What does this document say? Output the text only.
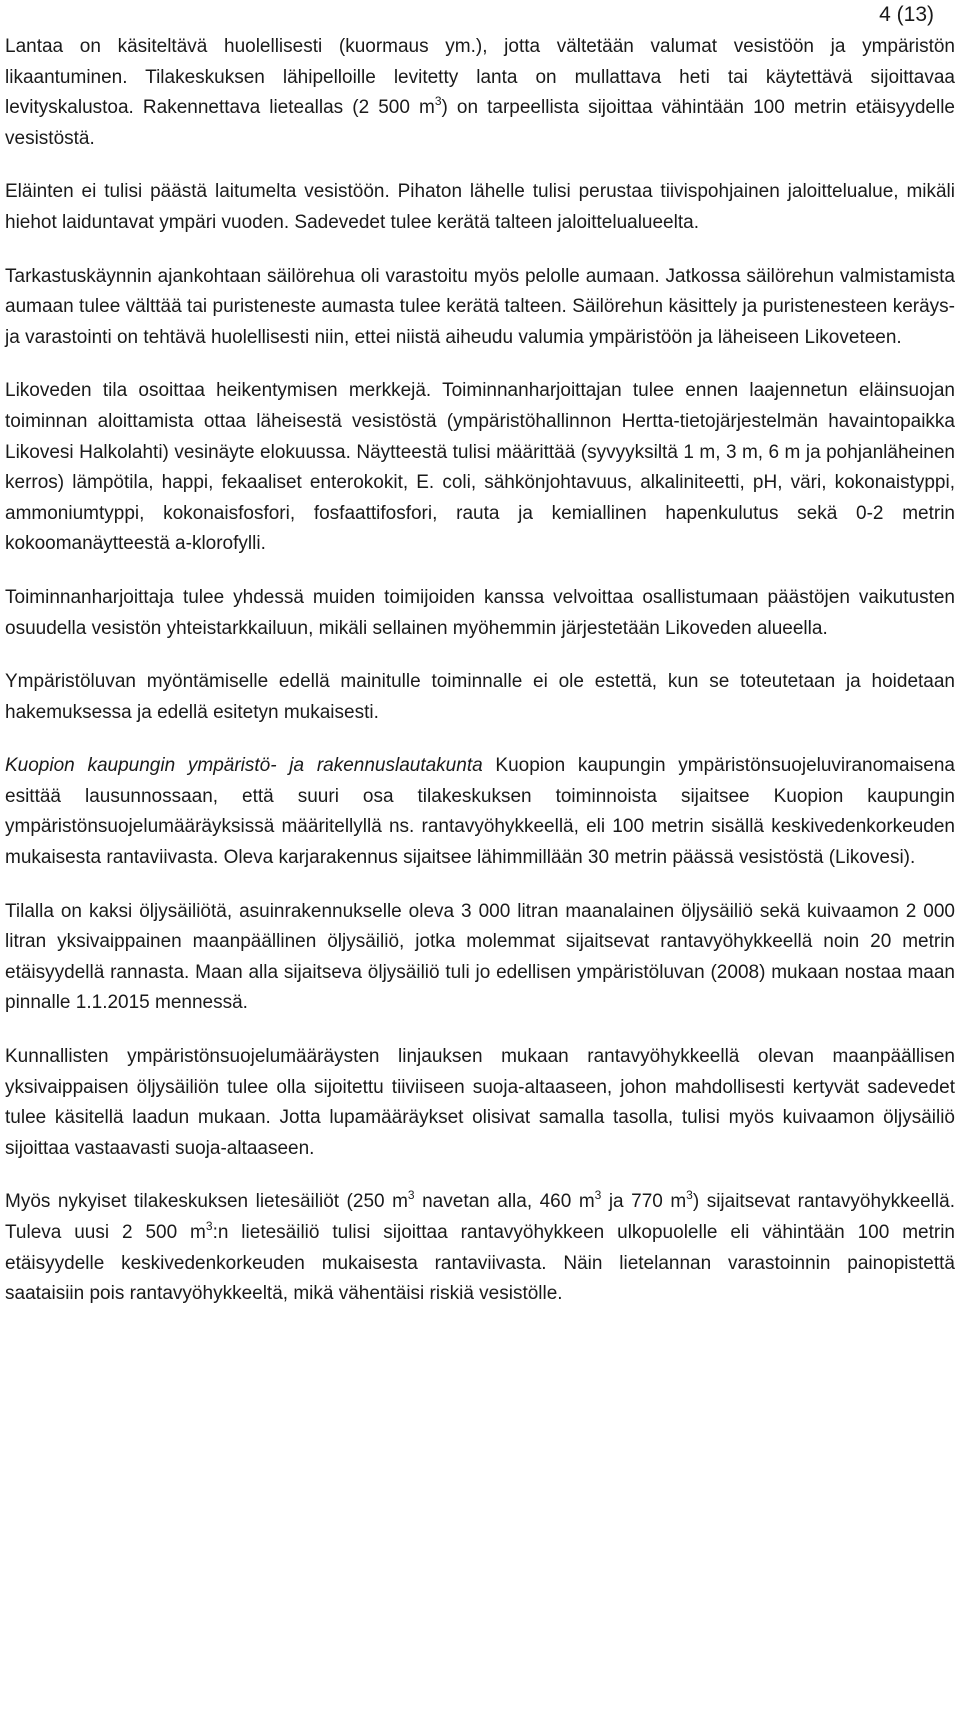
4 (13)

Lantaa on käsiteltävä huolellisesti (kuormaus ym.), jotta vältetään valumat vesistöön ja ympäristön likaantuminen. Tilakeskuksen lähipelloille levitetty lanta on mullattava heti tai käytettävä sijoittavaa levityskalustoa. Rakennettava lieteallas (2 500 $m^3$) on tarpeellista sijoittaa vähintään 100 metrin etäisyydelle vesistöstä.

Eläinten ei tulisi päästä laitumelta vesistöön. Pihaton lähelle tulisi perustaa tiivispohjainen jaloittelualue, mikäli hiehot laiduntavat ympäri vuoden. Sadevedet tulee kerätä talteen jaloittelualueelta.

Tarkastuskäynnin ajankohtaan säilörehua oli varastoitu myös pelolle aumaan. Jatkossa säilörehun valmistamista aumaan tulee välttää tai puristeneste aumasta tulee kerätä talteen. Säilörehun käsittely ja puristenesteen keräys- ja varastointi on tehtävä huolellisesti niin, ettei niistä aiheudu valumia ympäristöön ja läheiseen Likoveteen.

Likoveden tila osoittaa heikentymisen merkkejä. Toiminnanharjoittajan tulee ennen laajennetun eläinsuojan toiminnan aloittamista ottaa läheisestä vesistöstä (ympäristöhallinnon Hertta-tietojärjestelmän havaintopaikka Likovesi Halkolahti) vesinäyte elokuussa. Näytteestä tulisi määrittää (syvyyksiltä 1 m, 3 m, 6 m ja pohjanläheinen kerros) lämpötila, happi, fekaaliset enterokokit, E. coli, sähkönjohtavuus, alkaliniteetti, pH, väri, kokonaistyppi, ammoniumtyppi, kokonaisfosfori, fosfaattifosfori, rauta ja kemiallinen hapenkulutus sekä 0-2 metrin kokoomanäytteestä a-klorofylli.

Toiminnanharjoittaja tulee yhdessä muiden toimijoiden kanssa velvoittaa osallistumaan päästöjen vaikutusten osuudella vesistön yhteistarkkailuun, mikäli sellainen myöhemmin järjestetään Likoveden alueella.

Ympäristöluvan myöntämiselle edellä mainitulle toiminnalle ei ole estettä, kun se toteutetaan ja hoidetaan hakemuksessa ja edellä esitetyn mukaisesti.

Kuopion kaupungin ympäristö- ja rakennuslautakunta Kuopion kaupungin ympäristönsuojeluviranomaisena esittää lausunnossaan, että suuri osa tilakeskuksen toiminnoista sijaitsee Kuopion kaupungin ympäristönsuojelumääräyksissä määritellyllä ns. rantavyöhykkeellä, eli 100 metrin sisällä keskivedenkorkeuden mukaisesta rantaviivasta. Oleva karjarakennus sijaitsee lähimmillään 30 metrin päässä vesistöstä (Likovesi).

Tilalla on kaksi öljysäiliötä, asuinrakennukselle oleva 3 000 litran maanalainen öljysäiliö sekä kuivaamon 2 000 litran yksivaippainen maanpäällinen öljysäiliö, jotka molemmat sijaitsevat rantavyöhykkeellä noin 20 metrin etäisyydellä rannasta. Maan alla sijaitseva öljysäiliö tuli jo edellisen ympäristöluvan (2008) mukaan nostaa maan pinnalle 1.1.2015 mennessä.

Kunnallisten ympäristönsuojelumääräysten linjauksen mukaan rantavyöhykkeellä olevan maanpäällisen yksivaippaisen öljysäiliön tulee olla sijoitettu tiiviiseen suoja-altaaseen, johon mahdollisesti kertyvät sadevedet tulee käsitellä laadun mukaan. Jotta lupamääräykset olisivat samalla tasolla, tulisi myös kuivaamon öljysäiliö sijoittaa vastaavasti suoja-altaaseen.

Myös nykyiset tilakeskuksen lietesäiliöt (250 $m^3$ navetan alla, 460 $m^3$ ja 770 $m^3$) sijaitsevat rantavyöhykkeellä. Tuleva uusi 2 500 $m^3:n$ lietesäiliö tulisi sijoittaa rantavyöhykkeen ulkopuolelle eli vähintään 100 metrin etäisyydelle keskivedenkorkeuden mukaisesta rantaviivasta. Näin lietelannan varastoinnin painopistettä saataisiin pois rantavyöhykkeeltä, mikä vähentäisi riskiä vesistölle.
